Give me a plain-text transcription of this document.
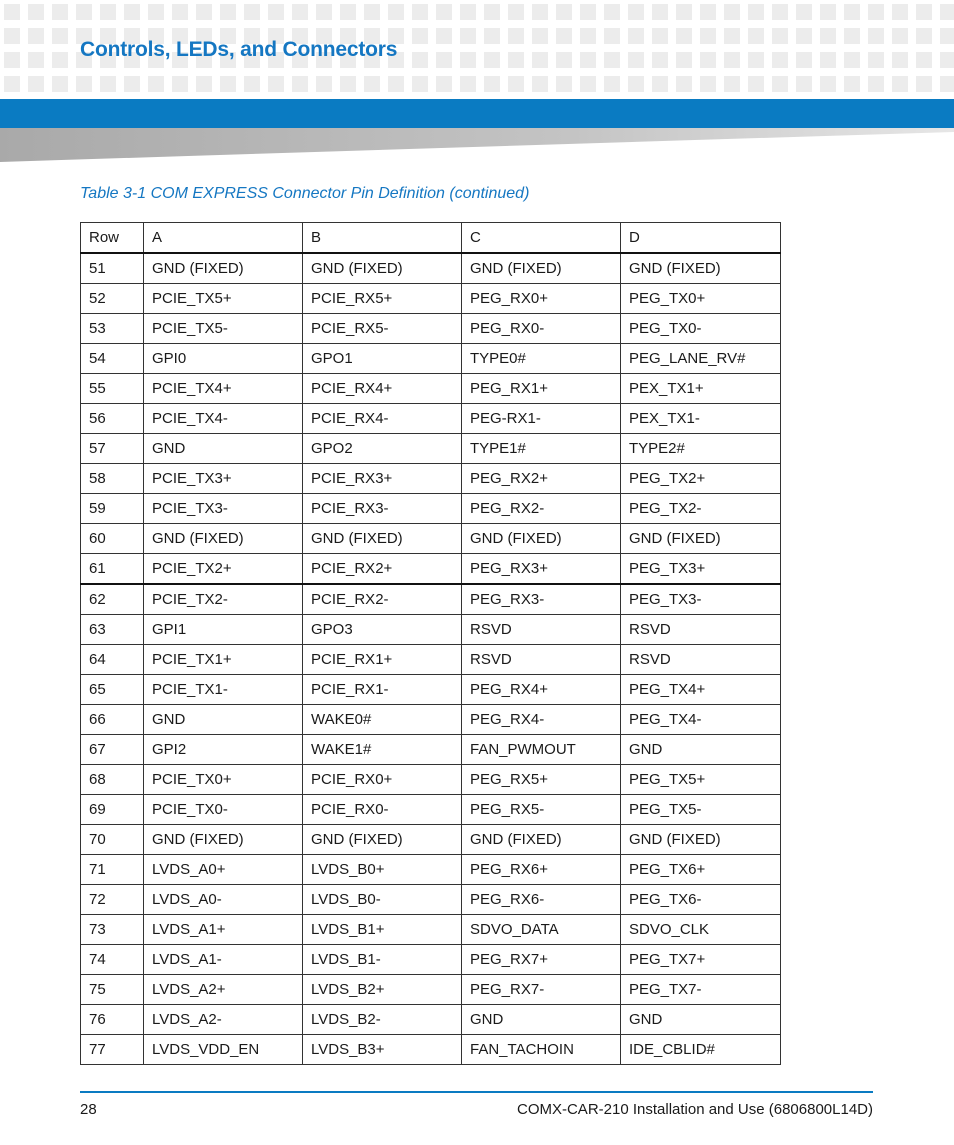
Controls, LEDs, and Connectors

Table 3-1 COM EXPRESS Connector Pin Definition (continued)

Row	A	B	C	D
51	GND (FIXED)	GND (FIXED)	GND (FIXED)	GND (FIXED)
52	PCIE_TX5+	PCIE_RX5+	PEG_RX0+	PEG_TX0+
53	PCIE_TX5-	PCIE_RX5-	PEG_RX0-	PEG_TX0-
54	GPI0	GPO1	TYPE0#	PEG_LANE_RV#
55	PCIE_TX4+	PCIE_RX4+	PEG_RX1+	PEX_TX1+
56	PCIE_TX4-	PCIE_RX4-	PEG-RX1-	PEX_TX1-
57	GND	GPO2	TYPE1#	TYPE2#
58	PCIE_TX3+	PCIE_RX3+	PEG_RX2+	PEG_TX2+
59	PCIE_TX3-	PCIE_RX3-	PEG_RX2-	PEG_TX2-
60	GND (FIXED)	GND (FIXED)	GND (FIXED)	GND (FIXED)
61	PCIE_TX2+	PCIE_RX2+	PEG_RX3+	PEG_TX3+
62	PCIE_TX2-	PCIE_RX2-	PEG_RX3-	PEG_TX3-
63	GPI1	GPO3	RSVD	RSVD
64	PCIE_TX1+	PCIE_RX1+	RSVD	RSVD
65	PCIE_TX1-	PCIE_RX1-	PEG_RX4+	PEG_TX4+
66	GND	WAKE0#	PEG_RX4-	PEG_TX4-
67	GPI2	WAKE1#	FAN_PWMOUT	GND
68	PCIE_TX0+	PCIE_RX0+	PEG_RX5+	PEG_TX5+
69	PCIE_TX0-	PCIE_RX0-	PEG_RX5-	PEG_TX5-
70	GND (FIXED)	GND (FIXED)	GND (FIXED)	GND (FIXED)
71	LVDS_A0+	LVDS_B0+	PEG_RX6+	PEG_TX6+
72	LVDS_A0-	LVDS_B0-	PEG_RX6-	PEG_TX6-
73	LVDS_A1+	LVDS_B1+	SDVO_DATA	SDVO_CLK
74	LVDS_A1-	LVDS_B1-	PEG_RX7+	PEG_TX7+
75	LVDS_A2+	LVDS_B2+	PEG_RX7-	PEG_TX7-
76	LVDS_A2-	LVDS_B2-	GND	GND
77	LVDS_VDD_EN	LVDS_B3+	FAN_TACHOIN	IDE_CBLID#
28	COMX-CAR-210 Installation and Use (6806800L14D)
